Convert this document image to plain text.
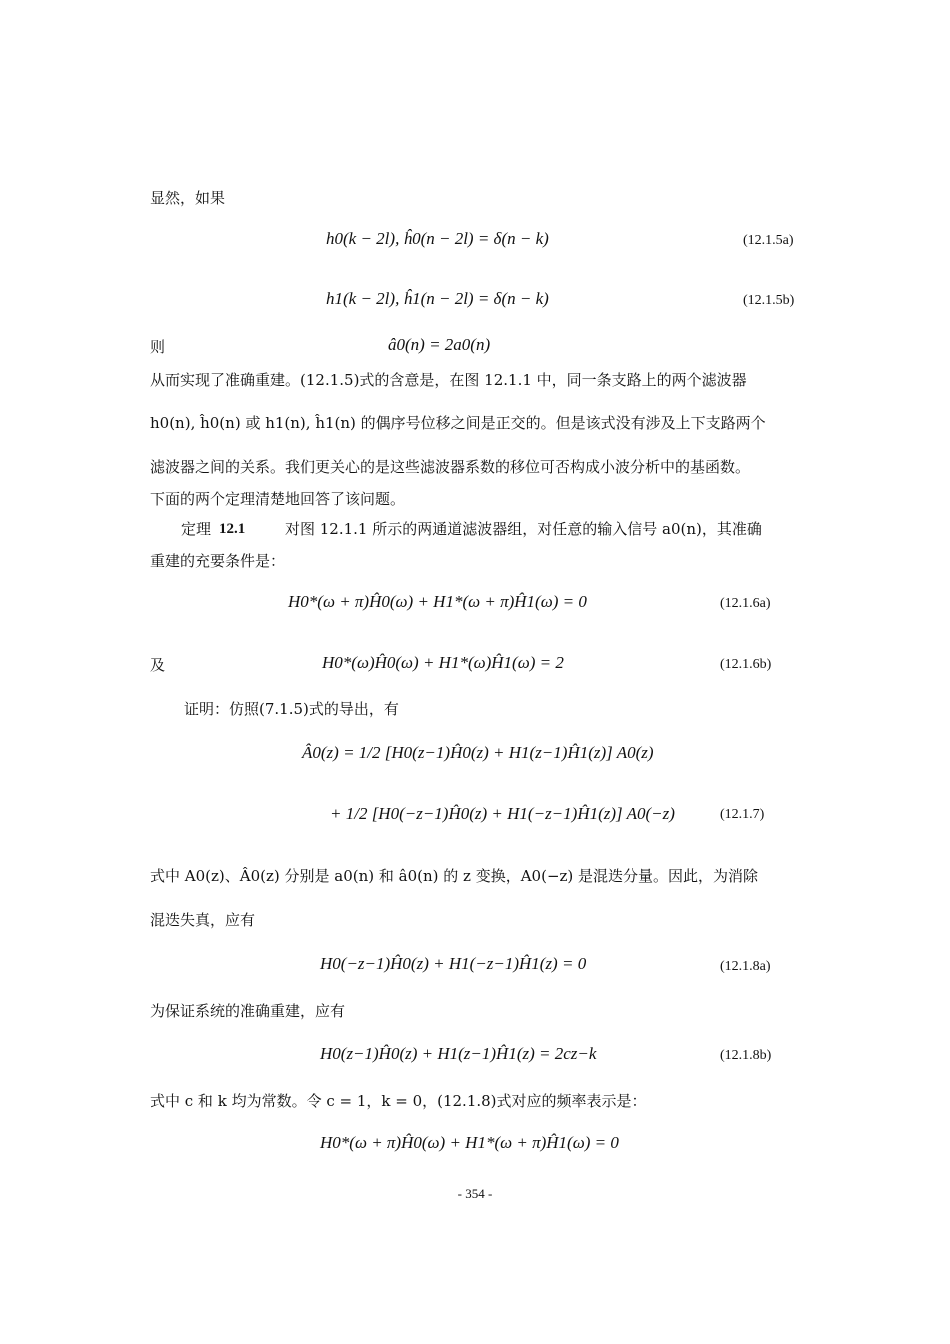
显然，如果
h0(k − 2l), ĥ0(n − 2l) = δ(n − k)	(12.1.5a)
h1(k − 2l), ĥ1(n − 2l) = δ(n − k)	(12.1.5b)
则	â0(n) = 2a0(n)
从而实现了准确重建。(12.1.5)式的含意是，在图 12.1.1 中，同一条支路上的两个滤波器
h0(n), ĥ0(n) 或 h1(n), ĥ1(n) 的偶序号位移之间是正交的。但是该式没有涉及上下支路两个
滤波器之间的关系。我们更关心的是这些滤波器系数的移位可否构成小波分析中的基函数。
下面的两个定理清楚地回答了该问题。
定理 12.1	对图 12.1.1 所示的两通道滤波器组，对任意的输入信号 a0(n)，其准确
重建的充要条件是：
H0*(ω + π)Ĥ0(ω) + H1*(ω + π)Ĥ1(ω) = 0	(12.1.6a)
及	H0*(ω)Ĥ0(ω) + H1*(ω)Ĥ1(ω) = 2	(12.1.6b)
证明：仿照(7.1.5)式的导出，有
Â0(z) = 1/2 [H0(z−1)Ĥ0(z) + H1(z−1)Ĥ1(z)] A0(z)
+ 1/2 [H0(−z−1)Ĥ0(z) + H1(−z−1)Ĥ1(z)] A0(−z)	(12.1.7)
式中 A0(z)、Â0(z) 分别是 a0(n) 和 â0(n) 的 z 变换，A0(−z) 是混迭分量。因此，为消除
混迭失真，应有
H0(−z−1)Ĥ0(z) + H1(−z−1)Ĥ1(z) = 0	(12.1.8a)
为保证系统的准确重建，应有
H0(z−1)Ĥ0(z) + H1(z−1)Ĥ1(z) = 2cz−k	(12.1.8b)
式中 c 和 k 均为常数。令 c = 1，k = 0，(12.1.8)式对应的频率表示是：
H0*(ω + π)Ĥ0(ω) + H1*(ω + π)Ĥ1(ω) = 0
- 354 -
